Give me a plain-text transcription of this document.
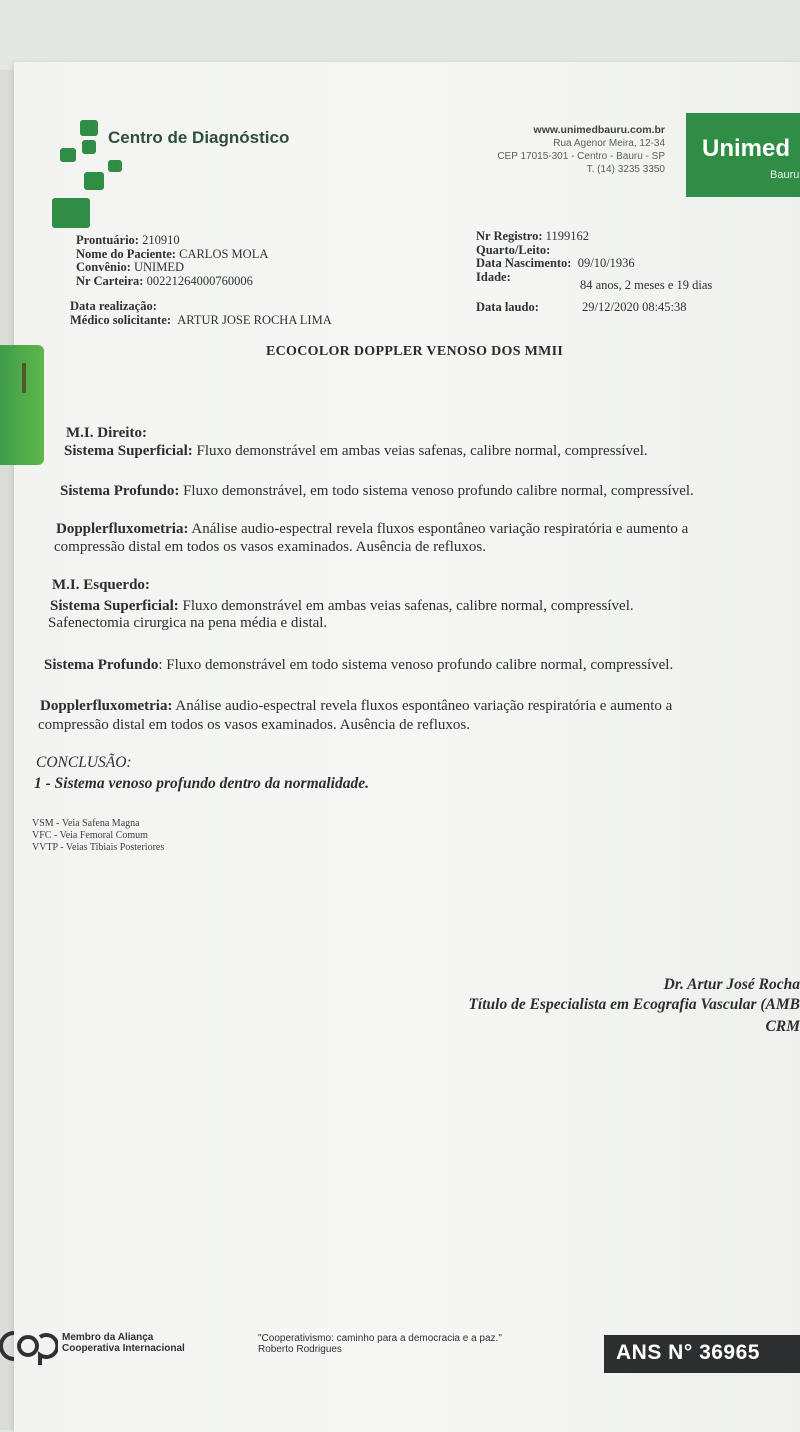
Centro de Diagnóstico	www.unimedbauru.com.br
Rua Agenor Meira, 12-34
CEP 17015-301 - Centro - Bauru - SP
T. (14) 3235 3350
Unimed
Bauru
Prontuário: 210910
Nome do Paciente: CARLOS MOLA
Convênio: UNIMED
Nr Carteira: 00221264000760006
Data realização:
Médico solicitante: ARTUR JOSE ROCHA LIMA
Nr Registro: 1199162
Quarto/Leito:
Data Nascimento: 09/10/1936
Idade:
84 anos, 2 meses e 19 dias
Data laudo:	29/12/2020 08:45:38
ECOCOLOR DOPPLER VENOSO DOS MMII
M.I. Direito:
Sistema Superficial: Fluxo demonstrável em ambas veias safenas, calibre normal, compressível.
Sistema Profundo: Fluxo demonstrável, em todo sistema venoso profundo calibre normal, compressível.
Dopplerfluxometria: Análise audio-espectral revela fluxos espontâneo variação respiratória e aumento a
compressão distal em todos os vasos examinados. Ausência de refluxos.
M.I. Esquerdo:
Sistema Superficial: Fluxo demonstrável em ambas veias safenas, calibre normal, compressível.
Safenectomia cirurgica na pena média e distal.
Sistema Profundo: Fluxo demonstrável em todo sistema venoso profundo calibre normal, compressível.
Dopplerfluxometria: Análise audio-espectral revela fluxos espontâneo variação respiratória e aumento a
compressão distal em todos os vasos examinados. Ausência de refluxos.
CONCLUSÃO:
1 - Sistema venoso profundo dentro da normalidade.
VSM - Veia Safena Magna
VFC - Veia Femoral Comum
VVTP - Veias Tibiais Posteriores
Dr. Artur José Rocha
Título de Especialista em Ecografia Vascular (AMB
CRM
Membro da Aliança
Cooperativa Internacional
"Cooperativismo: caminho para a democracia e a paz."
Roberto Rodrigues	ANS N° 36965
